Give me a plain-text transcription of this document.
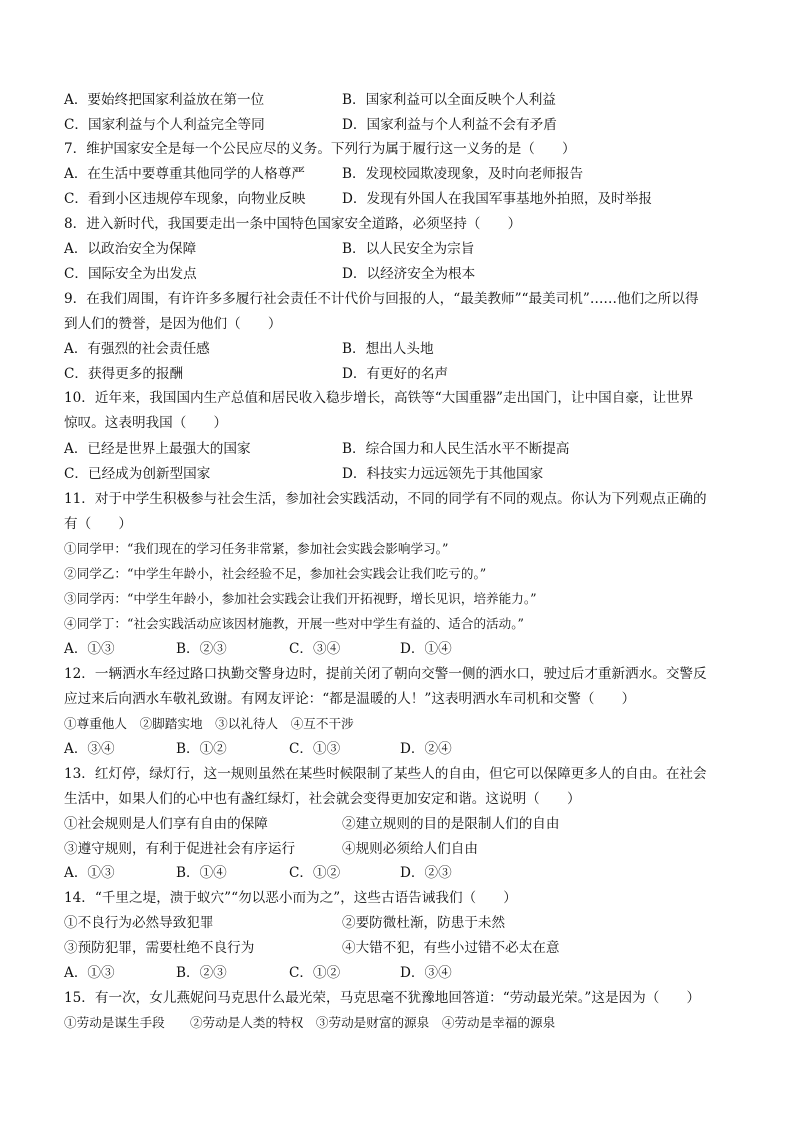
A．要始终把国家利益放在第一位	B．国家利益可以全面反映个人利益
C．国家利益与个人利益完全等同	D．国家利益与个人利益不会有矛盾
7．维护国家安全是每一个公民应尽的义务。下列行为属于履行这一义务的是（　　）
A．在生活中要尊重其他同学的人格尊严	B．发现校园欺凌现象，及时向老师报告
C．看到小区违规停车现象，向物业反映	D．发现有外国人在我国军事基地外拍照，及时举报
8．进入新时代，我国要走出一条中国特色国家安全道路，必须坚持（　　）
A．以政治安全为保障	B．以人民安全为宗旨
C．国际安全为出发点	D．以经济安全为根本
9．在我们周围，有许许多多履行社会责任不计代价与回报的人，“最美教师”“最美司机”……他们之所以得
到人们的赞誉，是因为他们（　　）
A．有强烈的社会责任感	B．想出人头地
C．获得更多的报酬	D．有更好的名声
10．近年来，我国国内生产总值和居民收入稳步增长，高铁等“大国重器”走出国门，让中国自豪，让世界
惊叹。这表明我国（　　）
A．已经是世界上最强大的国家	B．综合国力和人民生活水平不断提高
C．已经成为创新型国家	D．科技实力远远领先于其他国家
11．对于中学生积极参与社会生活，参加社会实践活动，不同的同学有不同的观点。你认为下列观点正确的
有（　　）
①同学甲：“我们现在的学习任务非常紧，参加社会实践会影响学习。”
②同学乙：“中学生年龄小，社会经验不足，参加社会实践会让我们吃亏的。”
③同学丙：“中学生年龄小，参加社会实践会让我们开拓视野，增长见识，培养能力。”
④同学丁：“社会实践活动应该因材施教，开展一些对中学生有益的、适合的活动。”
A．①③	B．②③	C．③④	D．①④
12．一辆洒水车经过路口执勤交警身边时，提前关闭了朝向交警一侧的洒水口，驶过后才重新洒水。交警反
应过来后向洒水车敬礼致谢。有网友评论：“都是温暖的人！”这表明洒水车司机和交警（　　）
①尊重他人　②脚踏实地　③以礼待人　④互不干涉
A．③④	B．①②	C．①③	D．②④
13．红灯停，绿灯行，这一规则虽然在某些时候限制了某些人的自由，但它可以保障更多人的自由。在社会
生活中，如果人们的心中也有盏红绿灯，社会就会变得更加安定和谐。这说明（　　）
①社会规则是人们享有自由的保障	②建立规则的目的是限制人们的自由
③遵守规则，有利于促进社会有序运行	④规则必须给人们自由
A．①③	B．①④	C．①②	D．②③
14．“千里之堤，溃于蚁穴”“勿以恶小而为之”，这些古语告诫我们（　　）
①不良行为必然导致犯罪	②要防微杜渐，防患于未然
③预防犯罪，需要杜绝不良行为	④大错不犯，有些小过错不必太在意
A．①③	B．②③	C．①②	D．③④
15．有一次，女儿燕妮问马克思什么最光荣，马克思毫不犹豫地回答道：“劳动最光荣。”这是因为（　　）
①劳动是谋生手段　　②劳动是人类的特权　③劳动是财富的源泉　④劳动是幸福的源泉
